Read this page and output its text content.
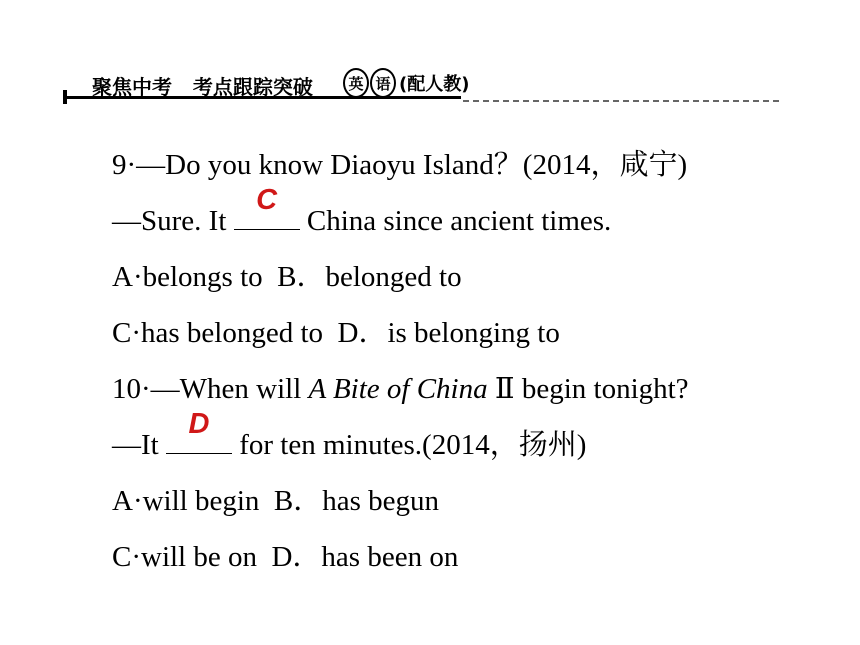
聚焦中考   考点跟踪突破	英 语 (配人教)
9·—Do you know Diaoyu Island？(2014，咸宁)
—Sure. It
C
China since ancient times.
A·belongs to  B．belonged to
C·has belonged to  D．is belonging to
10·—When will A Bite of China Ⅱ begin tonight?
—It
D
for ten minutes.(2014，扬州)
A·will begin  B．has begun
C·will be on  D．has been on
